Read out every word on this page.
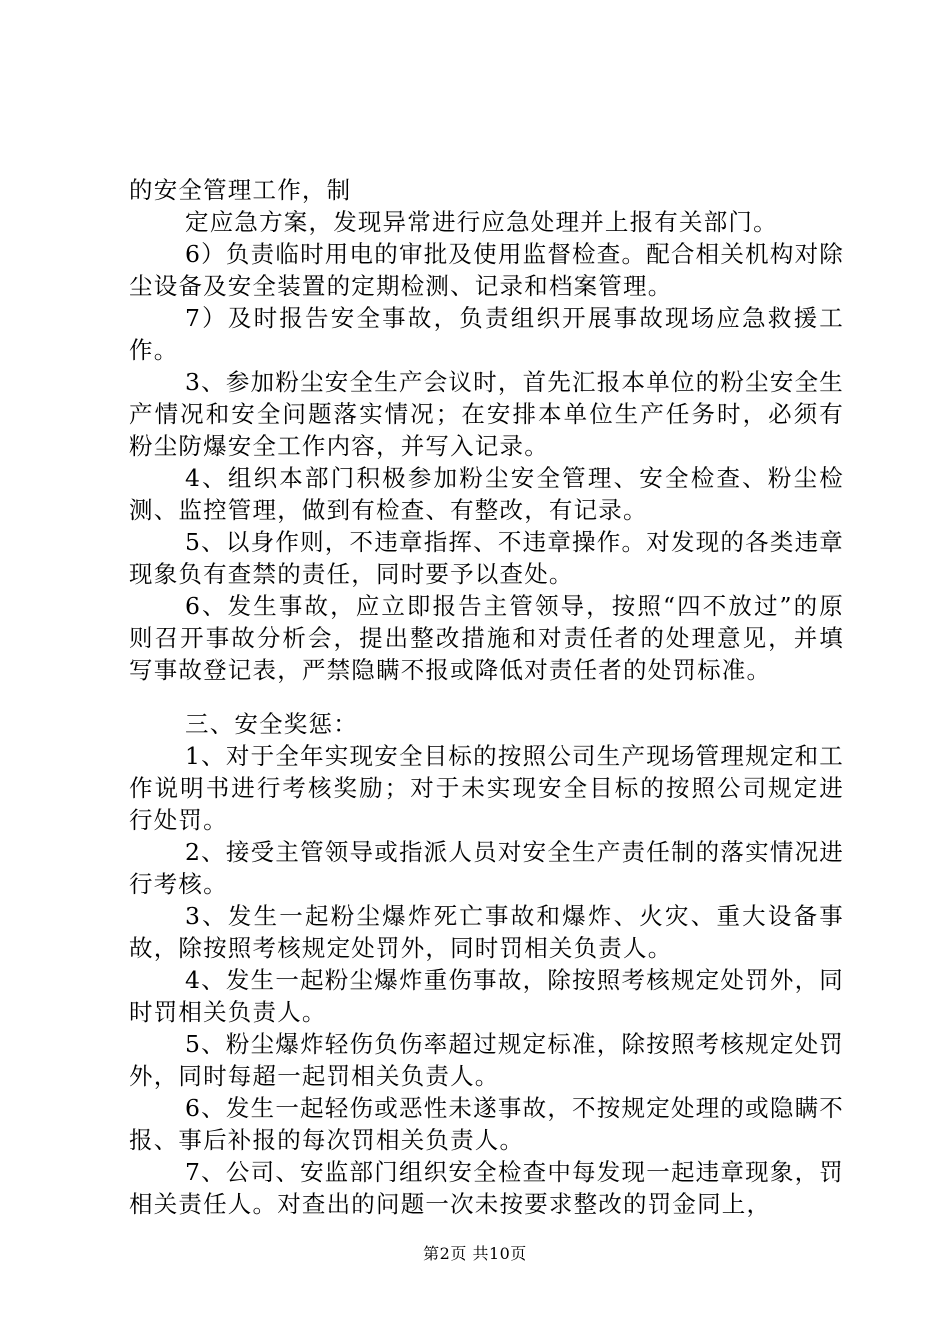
的安全管理工作，制

定应急方案，发现异常进行应急处理并上报有关部门。

6）负责临时用电的审批及使用监督检查。配合相关机构对除尘设备及安全装置的定期检测、记录和档案管理。

7）及时报告安全事故，负责组织开展事故现场应急救援工作。

3、参加粉尘安全生产会议时，首先汇报本单位的粉尘安全生产情况和安全问题落实情况；在安排本单位生产任务时，必须有粉尘防爆安全工作内容，并写入记录。

4、组织本部门积极参加粉尘安全管理、安全检查、粉尘检测、监控管理，做到有检查、有整改，有记录。

5、以身作则，不违章指挥、不违章操作。对发现的各类违章现象负有查禁的责任，同时要予以查处。

6、发生事故，应立即报告主管领导，按照“四不放过”的原则召开事故分析会，提出整改措施和对责任者的处理意见，并填写事故登记表，严禁隐瞒不报或降低对责任者的处罚标准。

三、安全奖惩：

1、对于全年实现安全目标的按照公司生产现场管理规定和工作说明书进行考核奖励；对于未实现安全目标的按照公司规定进行处罚。

2、接受主管领导或指派人员对安全生产责任制的落实情况进行考核。

3、发生一起粉尘爆炸死亡事故和爆炸、火灾、重大设备事故，除按照考核规定处罚外，同时罚相关负责人。

4、发生一起粉尘爆炸重伤事故，除按照考核规定处罚外，同时罚相关负责人。

5、粉尘爆炸轻伤负伤率超过规定标准，除按照考核规定处罚外，同时每超一起罚相关负责人。

6、发生一起轻伤或恶性未遂事故，不按规定处理的或隐瞒不报、事后补报的每次罚相关负责人。

7、公司、安监部门组织安全检查中每发现一起违章现象，罚相关责任人。对查出的问题一次未按要求整改的罚金同上，

第2页 共10页
